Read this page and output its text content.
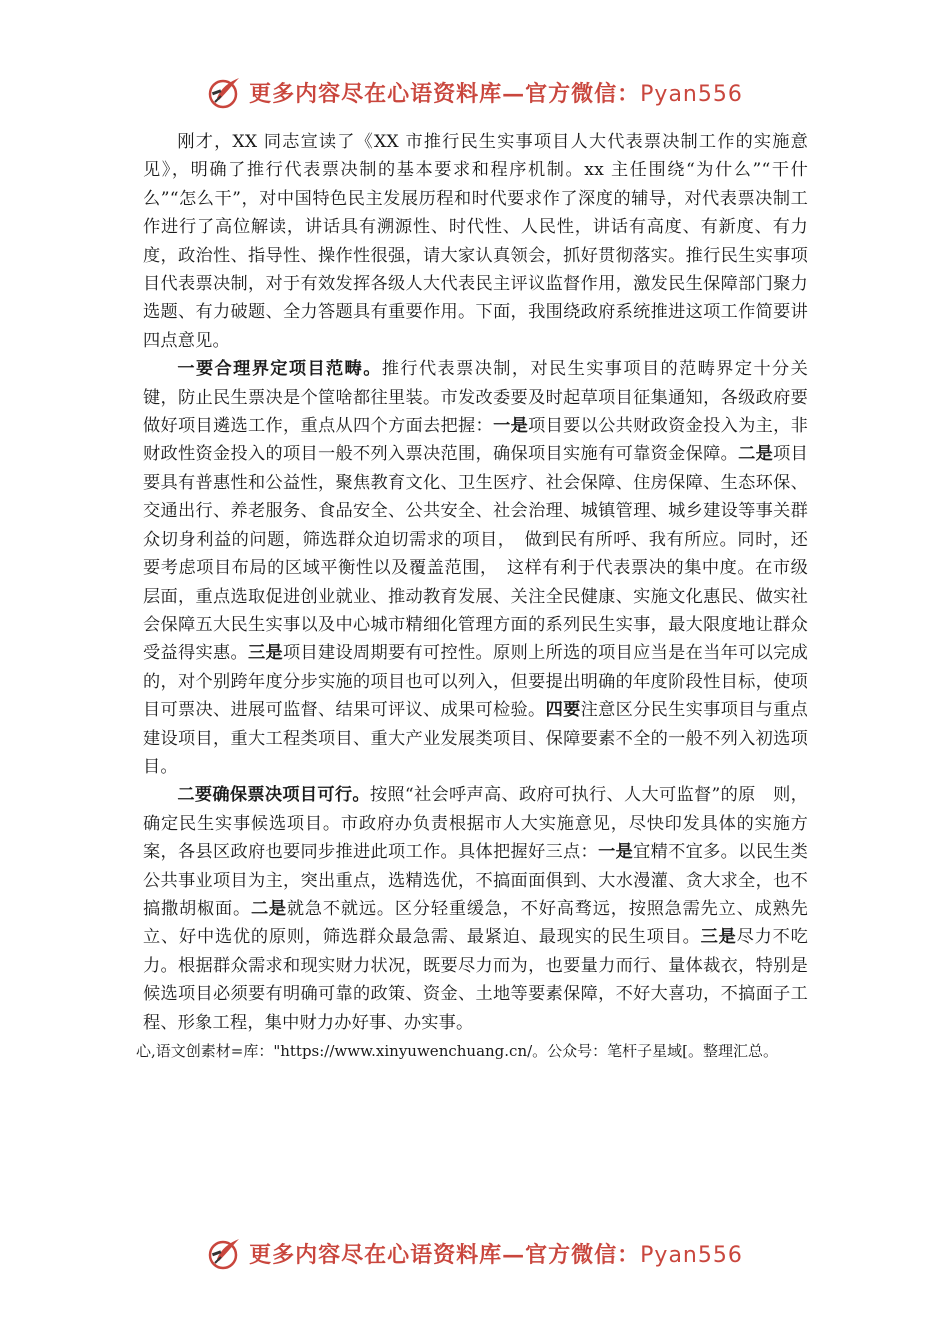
更多内容尽在心语资料库—官方微信：Pyan556

刚才，XX 同志宣读了《XX 市推行民生实事项目人大代表票决制工作的实施意见》，明确了推行代表票决制的基本要求和程序机制。xx 主任围绕“为什么”“干什么”“怎么干”，对中国特色民主发展历程和时代要求作了深度的辅导，对代表票决制工作进行了高位解读，讲话具有溯源性、时代性、人民性，讲话有高度、有新度、有力度，政治性、指导性、操作性很强，请大家认真领会，抓好贯彻落实。推行民生实事项目代表票决制，对于有效发挥各级人大代表民主评议监督作用，激发民生保障部门聚力选题、有力破题、全力答题具有重要作用。下面，我围绕政府系统推进这项工作简要讲四点意见。

一要合理界定项目范畴。推行代表票决制，对民生实事项目的范畴界定十分关　键，防止民生票决是个筐啥都往里装。市发改委要及时起草项目征集通知，各级政府要做好项目遴选工作，重点从四个方面去把握：一是项目要以公共财政资金投入为主，非财政性资金投入的项目一般不列入票决范围，确保项目实施有可靠资金保障。二是项目要具有普惠性和公益性，聚焦教育文化、卫生医疗、社会保障、住房保障、生态环保、交通出行、养老服务、食品安全、公共安全、社会治理、城镇管理、城乡建设等事关群众切身利益的问题，筛选群众迫切需求的项目，　做到民有所呼、我有所应。同时，还要考虑项目布局的区域平衡性以及覆盖范围，　这样有利于代表票决的集中度。在市级层面，重点选取促进创业就业、推动教育发展、关注全民健康、实施文化惠民、做实社会保障五大民生实事以及中心城市精细化管理方面的系列民生实事，最大限度地让群众受益得实惠。三是项目建设周期要有可控性。原则上所选的项目应当是在当年可以完成的，对个别跨年度分步实施的项目也可以列入，但要提出明确的年度阶段性目标，使项目可票决、进展可监督、结果可评议、成果可检验。四要注意区分民生实事项目与重点建设项目，重大工程类项目、重大产业发展类项目、保障要素不全的一般不列入初选项目。

二要确保票决项目可行。按照“社会呼声高、政府可执行、人大可监督”的原　则，确定民生实事候选项目。市政府办负责根据市人大实施意见，尽快印发具体的实施方案，各县区政府也要同步推进此项工作。具体把握好三点：一是宜精不宜多。以民生类公共事业项目为主，突出重点，选精选优，不搞面面俱到、大水漫灌、贪大求全，也不搞撒胡椒面。二是就急不就远。区分轻重缓急，不好高骛远，按照急需先立、成熟先立、好中选优的原则，筛选群众最急需、最紧迫、最现实的民生项目。三是尽力不吃力。根据群众需求和现实财力状况，既要尽力而为，也要量力而行、量体裁衣，特别是候选项目必须要有明确可靠的政策、资金、土地等要素保障，不好大喜功，不搞面子工程、形象工程，集中财力办好事、办实事。

心,语文创素材=库："https://www.xinyuwenchuang.cn/。公众号：笔杆子星域[。整理汇总。

更多内容尽在心语资料库—官方微信：Pyan556
